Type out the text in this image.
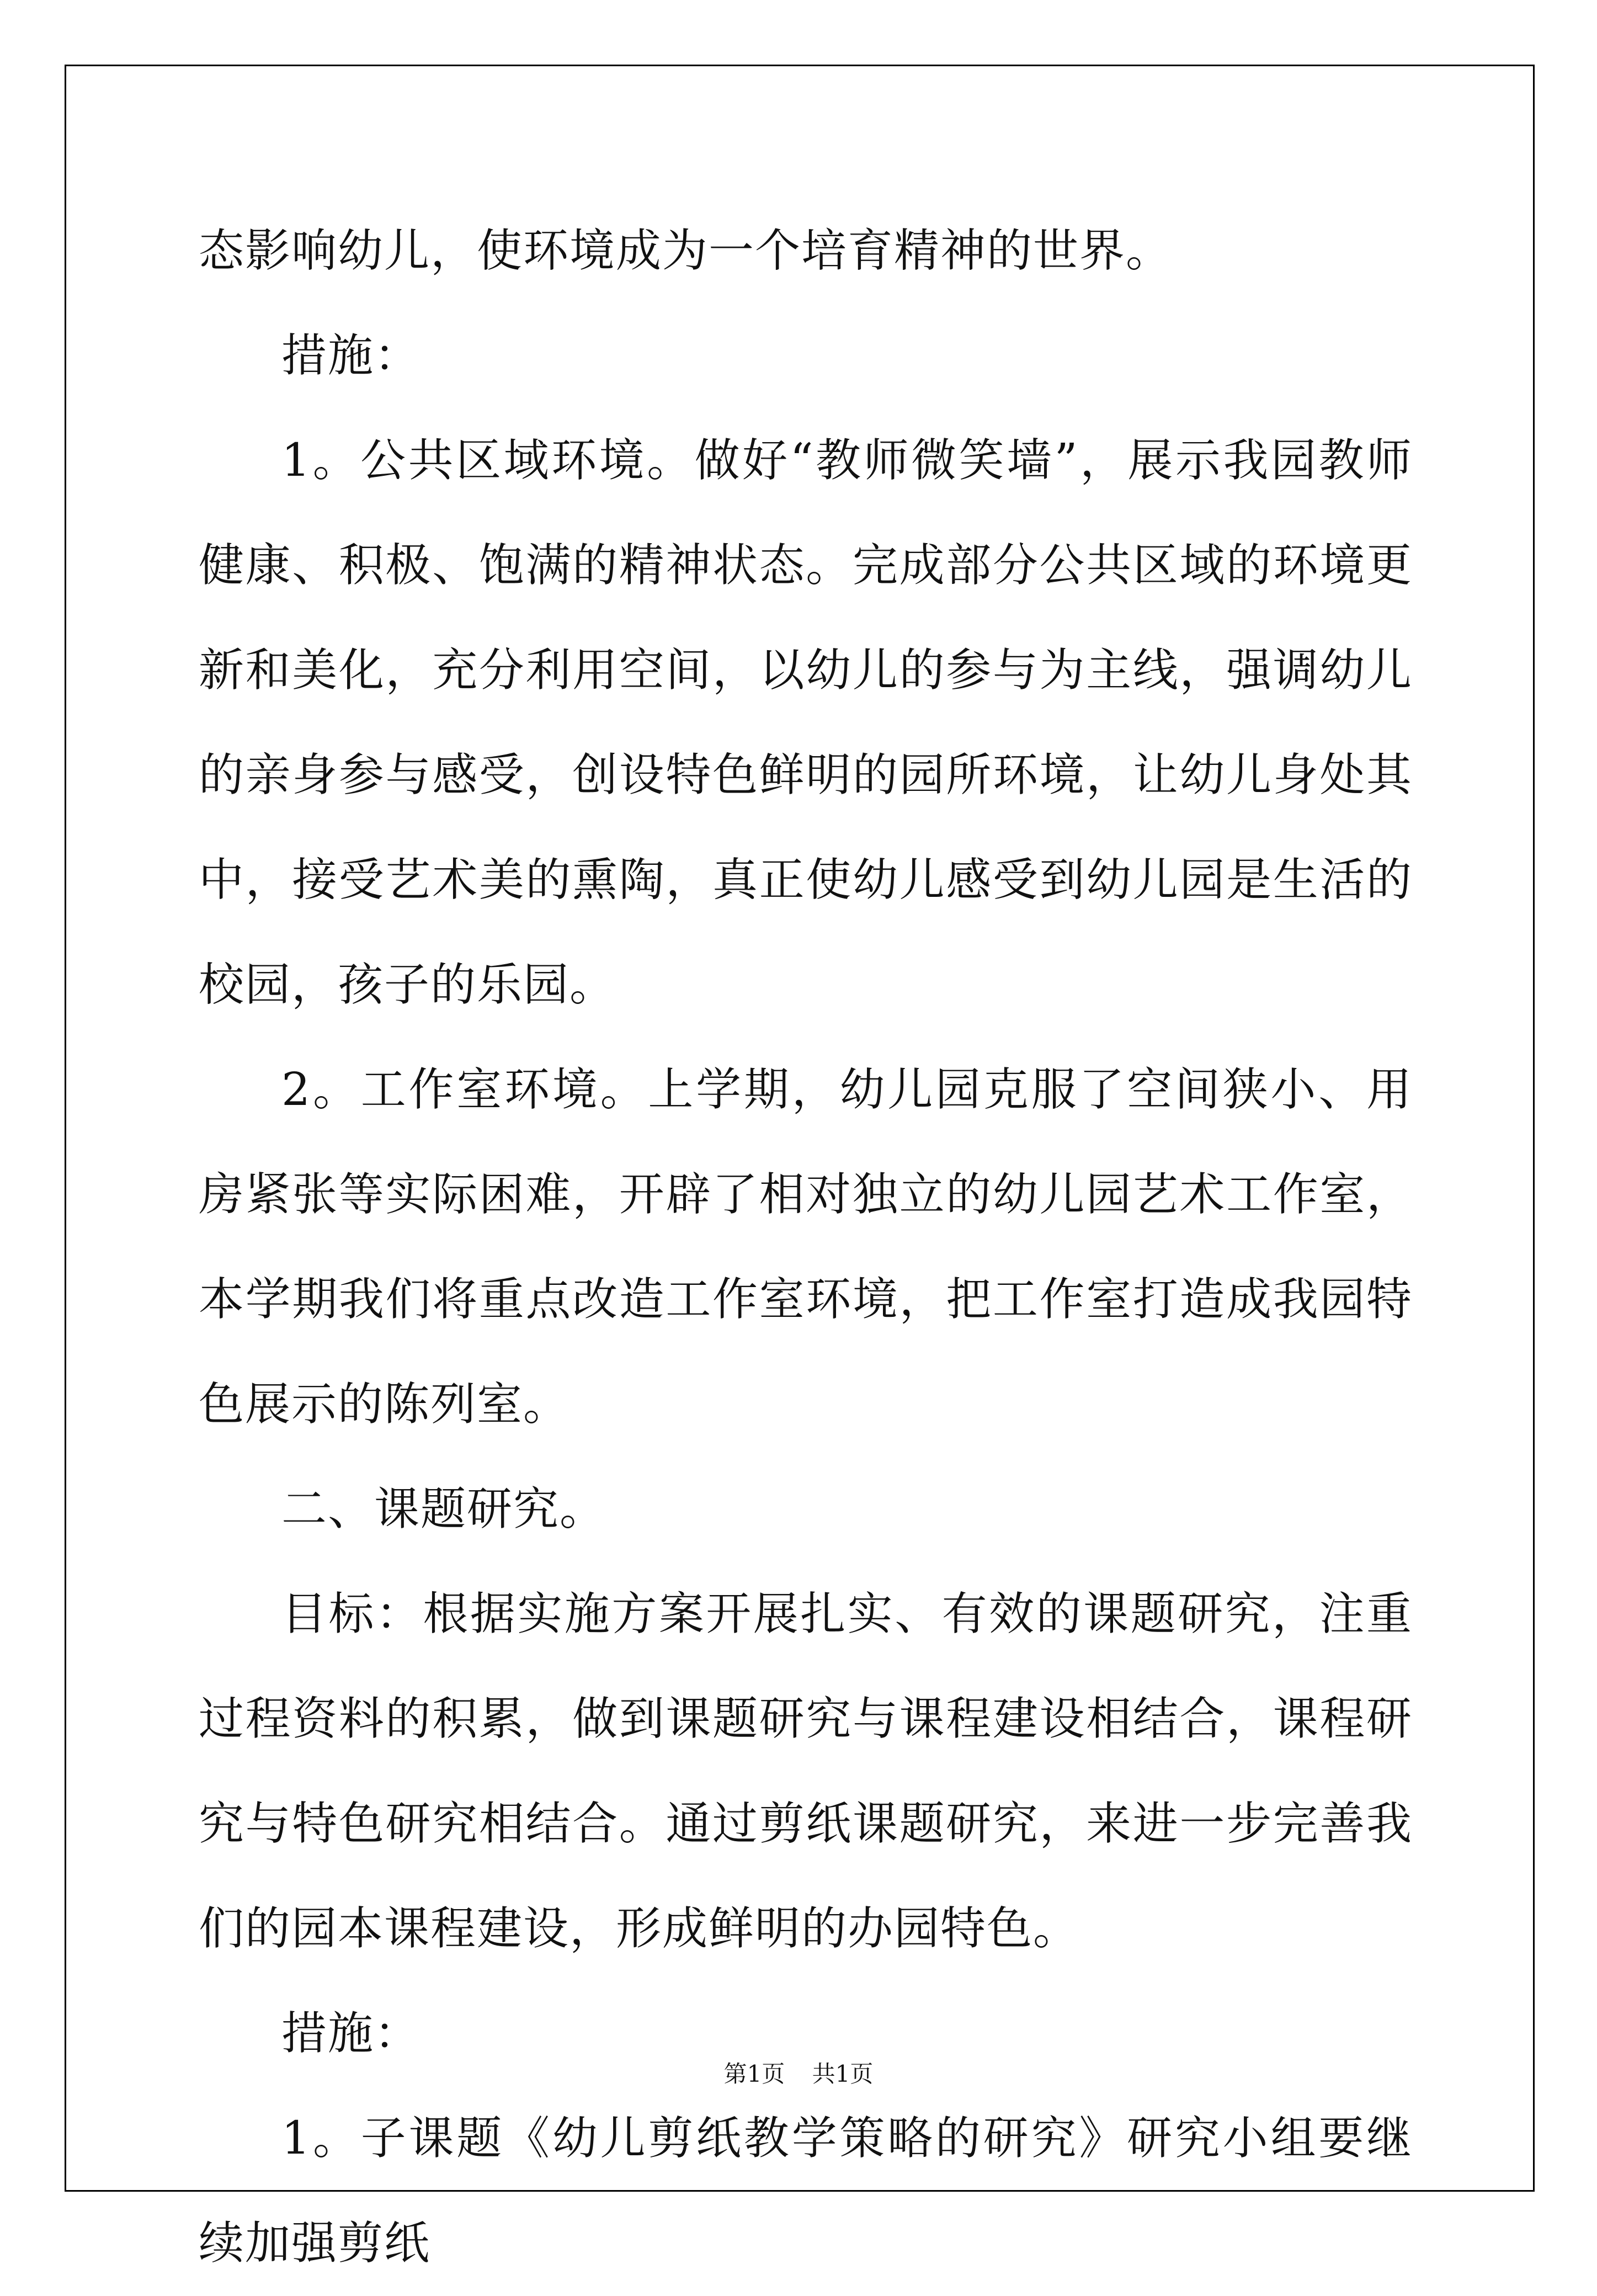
态影响幼儿，使环境成为一个培育精神的世界。

措施：

1。公共区域环境。做好“教师微笑墙”，展示我园教师健康、积极、饱满的精神状态。完成部分公共区域的环境更新和美化，充分利用空间，以幼儿的参与为主线，强调幼儿的亲身参与感受，创设特色鲜明的园所环境，让幼儿身处其中，接受艺术美的熏陶，真正使幼儿感受到幼儿园是生活的校园，孩子的乐园。

2。工作室环境。上学期，幼儿园克服了空间狭小、用房紧张等实际困难，开辟了相对独立的幼儿园艺术工作室，本学期我们将重点改造工作室环境，把工作室打造成我园特色展示的陈列室。

二、课题研究。

目标：根据实施方案开展扎实、有效的课题研究，注重过程资料的积累，做到课题研究与课程建设相结合，课程研究与特色研究相结合。通过剪纸课题研究，来进一步完善我们的园本课程建设，形成鲜明的办园特色。

措施：

1。子课题《幼儿剪纸教学策略的研究》研究小组要继续加强剪纸

第1页 共1页
